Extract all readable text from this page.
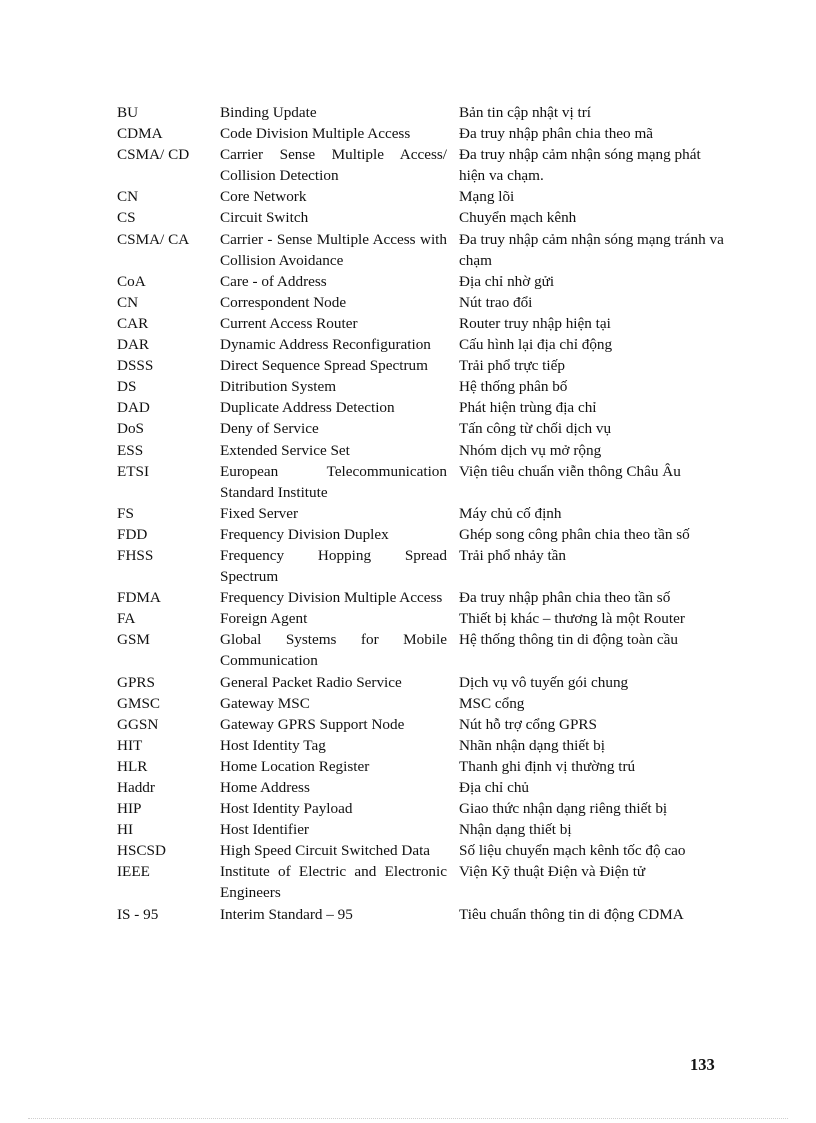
BU	Binding Update	Bản tin cập nhật vị trí
CDMA	Code Division Multiple Access	Đa truy nhập phân chia theo mã
CSMA/ CD	Carrier Sense Multiple Access/ Collision Detection	Đa truy nhập cảm nhận sóng mạng phát hiện va chạm.
CN	Core Network	Mạng lõi
CS	Circuit Switch	Chuyển mạch kênh
CSMA/ CA	Carrier - Sense Multiple Access with Collision Avoidance	Đa truy nhập cảm nhận sóng mạng tránh va chạm
CoA	Care - of Address	Địa chỉ nhờ gửi
CN	Correspondent Node	Nút trao đổi
CAR	Current Access Router	Router truy nhập hiện tại
DAR	Dynamic Address Reconfiguration	Cấu hình lại địa chỉ động
DSSS	Direct Sequence Spread Spectrum	Trải phổ trực tiếp
DS	Ditribution System	Hệ thống phân bố
DAD	Duplicate Address Detection	Phát hiện trùng địa chỉ
DoS	Deny of Service	Tấn công từ chối dịch vụ
ESS	Extended Service Set	Nhóm dịch vụ mở rộng
ETSI	European Telecommunication Standard Institute	Viện tiêu chuẩn viễn thông Châu Âu
FS	Fixed Server	Máy chủ cố định
FDD	Frequency Division Duplex	Ghép song công phân chia theo tần số
FHSS	Frequency Hopping Spread Spectrum	Trải phổ nhảy tần
FDMA	Frequency Division Multiple Access	Đa truy nhập phân chia theo tần số
FA	Foreign Agent	Thiết bị khác – thương là một Router
GSM	Global Systems for Mobile Communication	Hệ thống thông tin di động toàn cầu
GPRS	General Packet Radio Service	Dịch vụ vô tuyến gói chung
GMSC	Gateway MSC	MSC cổng
GGSN	Gateway GPRS Support Node	Nút hỗ trợ cổng GPRS
HIT	Host Identity Tag	Nhãn nhận dạng thiết bị
HLR	Home Location Register	Thanh ghi định vị thường trú
Haddr	Home Address	Địa chỉ chủ
HIP	Host Identity Payload	Giao thức nhận dạng riêng thiết bị
HI	Host Identifier	Nhận dạng thiết bị
HSCSD	High Speed Circuit Switched Data	Số liệu chuyển mạch kênh tốc độ cao
IEEE	Institute of Electric and Electronic Engineers	Viện Kỹ thuật Điện và Điện tử
IS - 95	Interim Standard – 95	Tiêu chuẩn thông tin di động CDMA
133
